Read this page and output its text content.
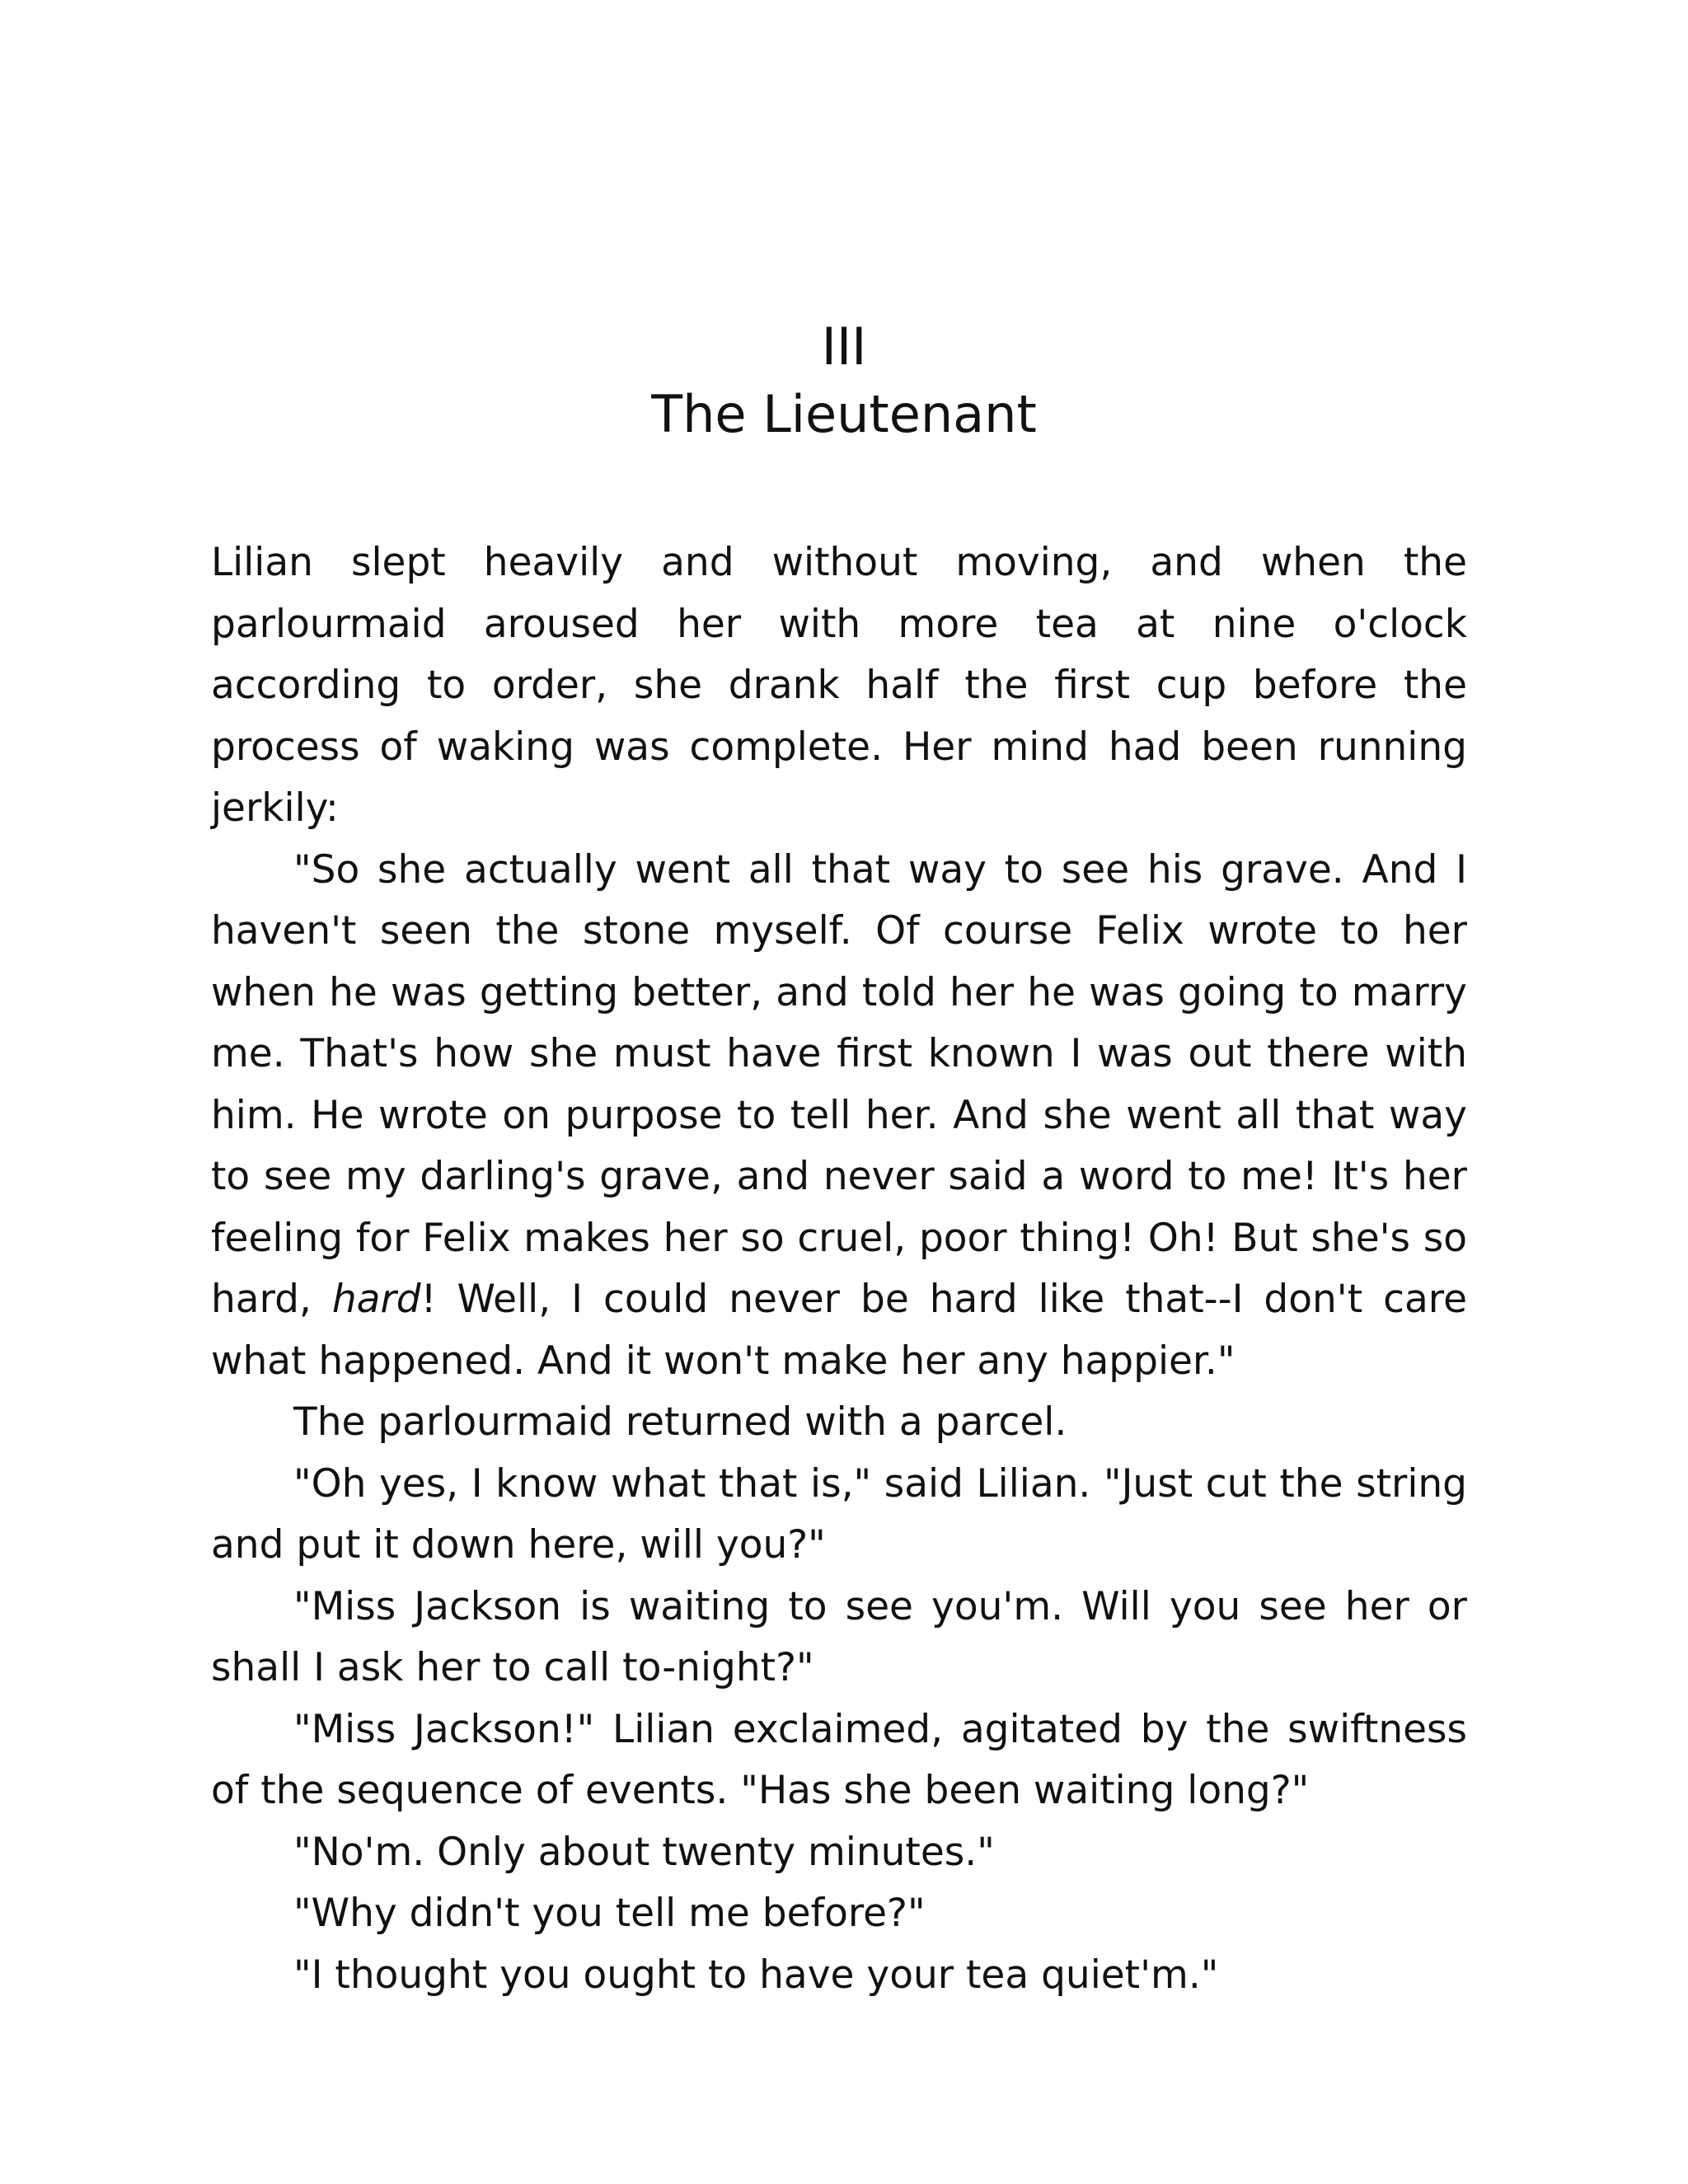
III
The Lieutenant

Lilian slept heavily and without moving, and when the parlourmaid aroused her with more tea at nine o'clock according to order, she drank half the first cup before the process of waking was complete. Her mind had been running jerkily:

"So she actually went all that way to see his grave. And I haven't seen the stone myself. Of course Felix wrote to her when he was getting better, and told her he was going to marry me. That's how she must have first known I was out there with him. He wrote on purpose to tell her. And she went all that way to see my darling's grave, and never said a word to me! It's her feeling for Felix makes her so cruel, poor thing! Oh! But she's so hard, hard! Well, I could never be hard like that--I don't care what happened. And it won't make her any happier."

The parlourmaid returned with a parcel.

"Oh yes, I know what that is," said Lilian. "Just cut the string and put it down here, will you?"

"Miss Jackson is waiting to see you'm. Will you see her or shall I ask her to call to-night?"

"Miss Jackson!" Lilian exclaimed, agitated by the swiftness of the sequence of events. "Has she been waiting long?"

"No'm. Only about twenty minutes."

"Why didn't you tell me before?"

"I thought you ought to have your tea quiet'm."
